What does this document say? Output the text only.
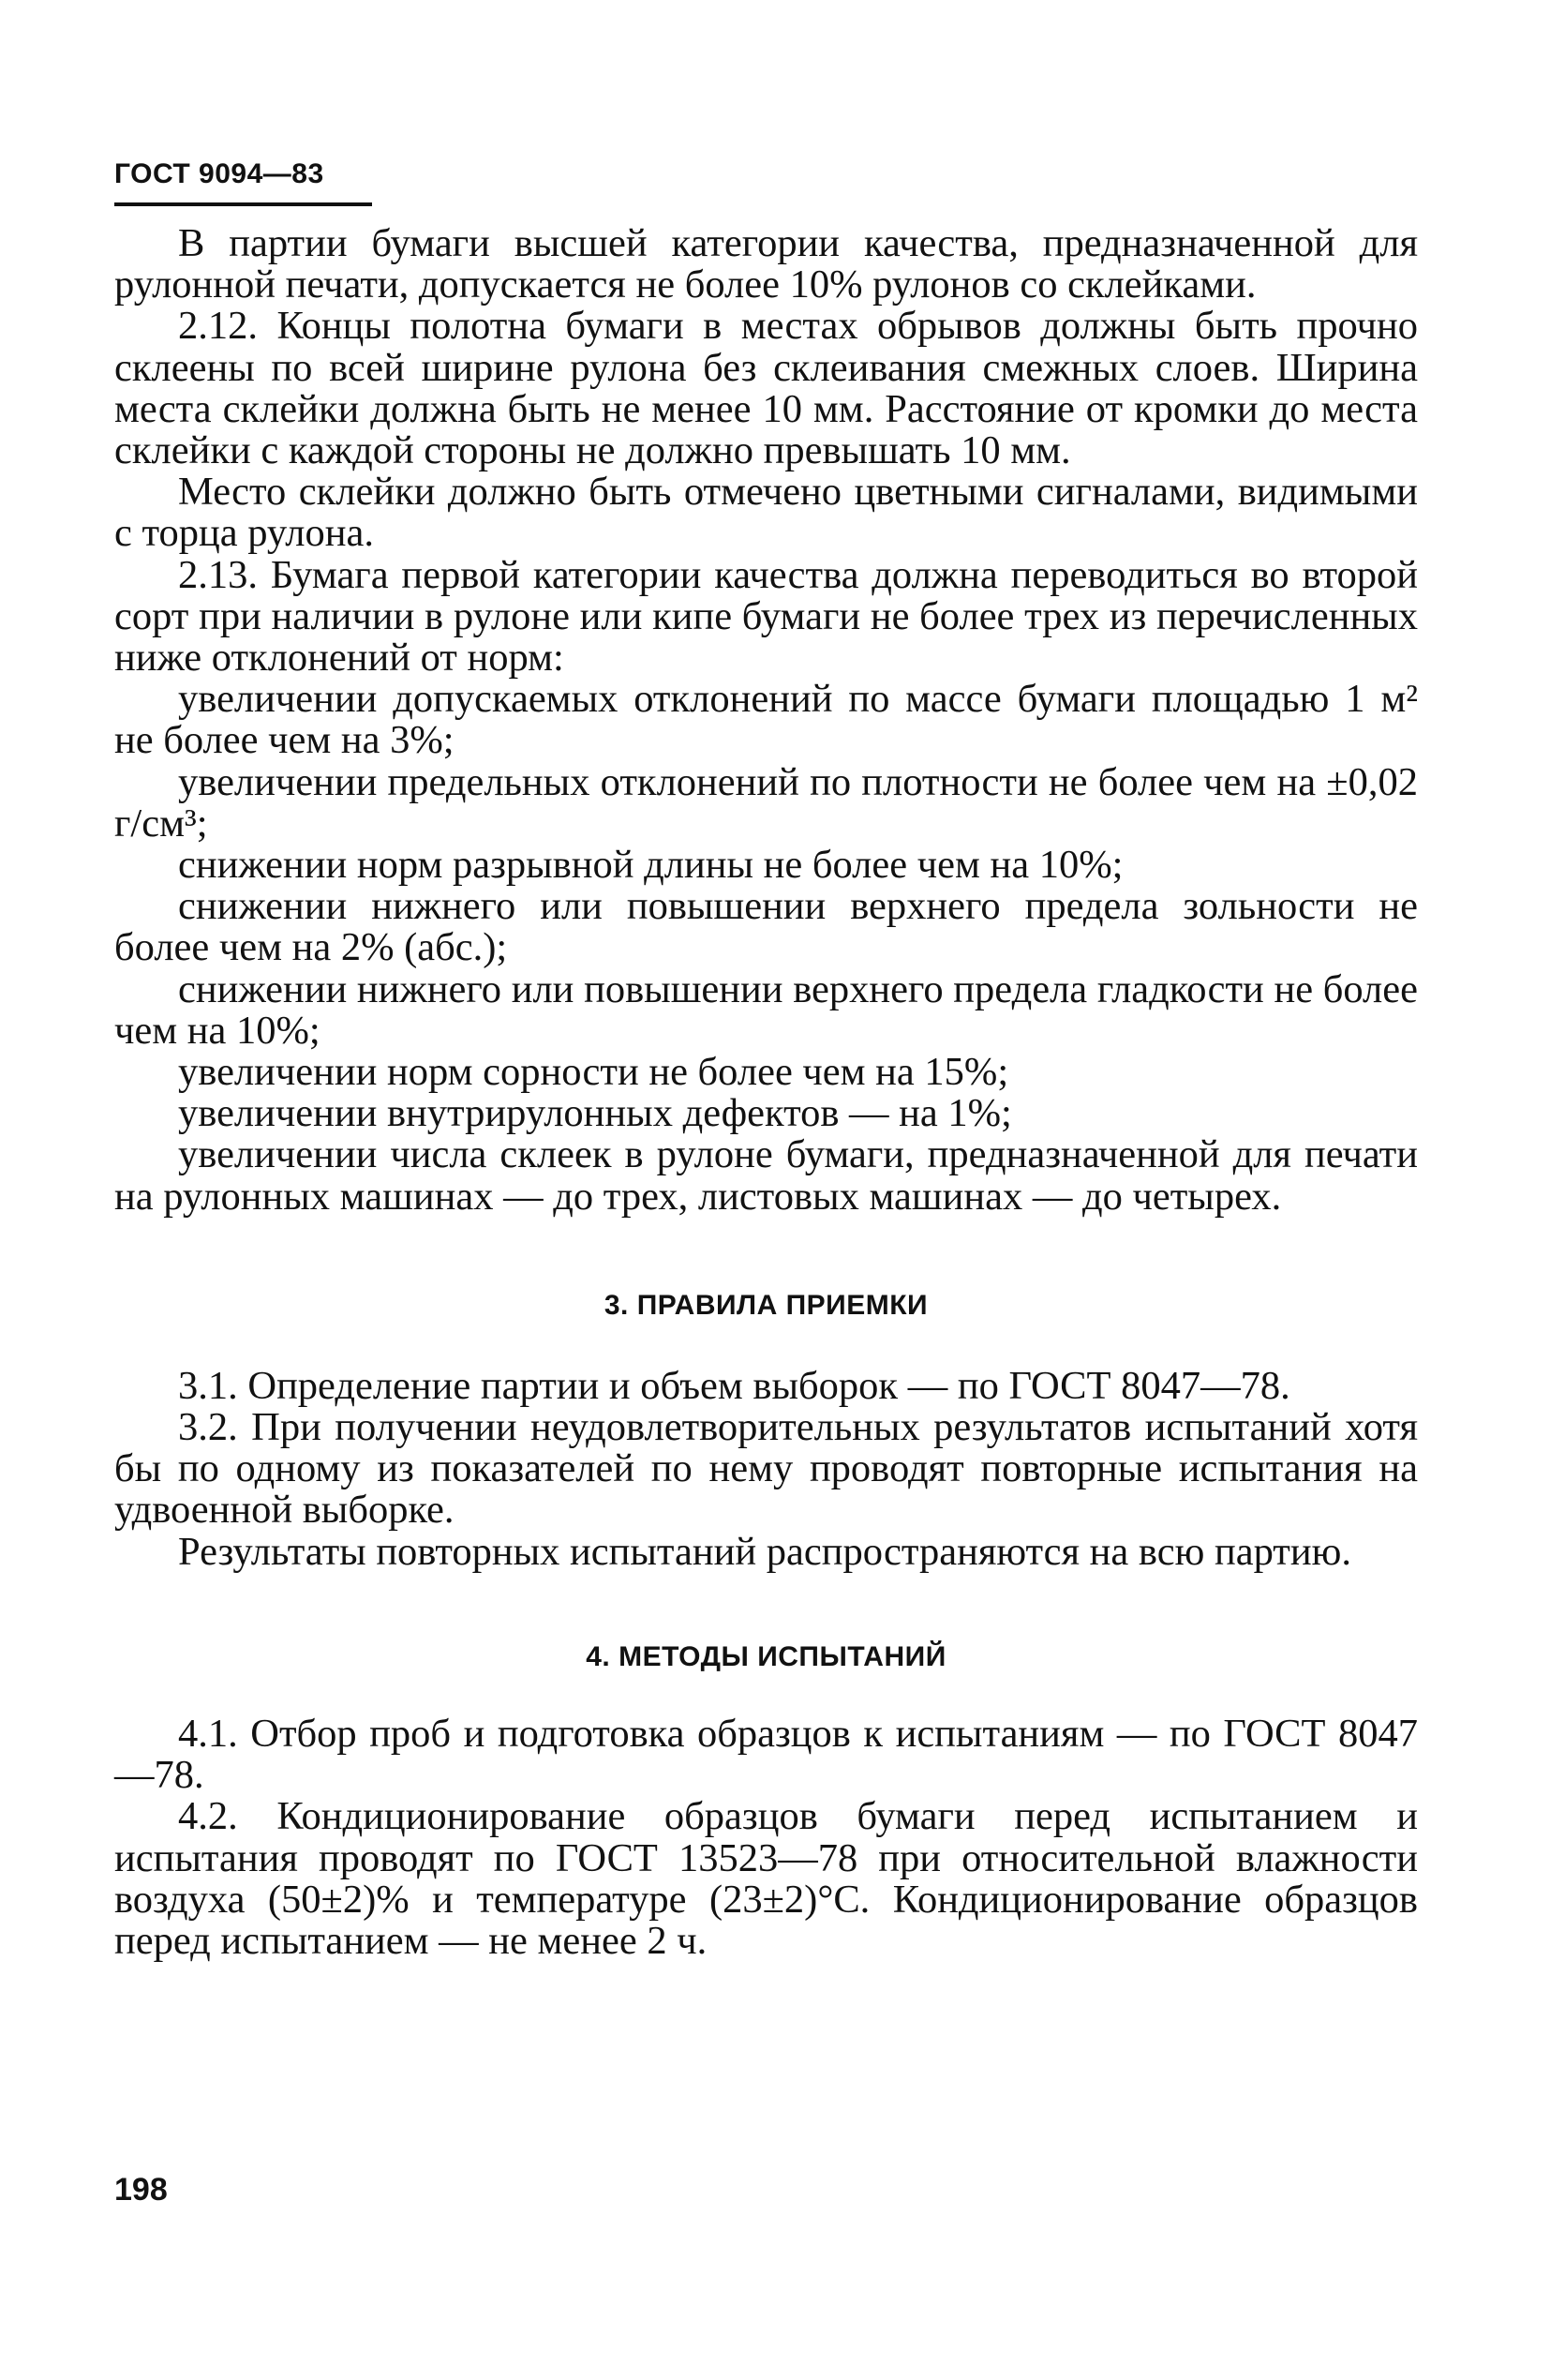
ГОСТ 9094—83

В партии бумаги высшей категории качества, предназначенной для рулонной печати, допускается не более 10% рулонов со склейками.

2.12. Концы полотна бумаги в местах обрывов должны быть прочно склеены по всей ширине рулона без склеивания смежных слоев. Ширина места склейки должна быть не менее 10 мм. Расстояние от кромки до места склейки с каждой стороны не должно превышать 10 мм.

Место склейки должно быть отмечено цветными сигналами, видимыми с торца рулона.

2.13. Бумага первой категории качества должна переводиться во второй сорт при наличии в рулоне или кипе бумаги не более трех из перечисленных ниже отклонений от норм:

увеличении допускаемых отклонений по массе бумаги площадью 1 м² не более чем на 3%;

увеличении предельных отклонений по плотности не более чем на ±0,02 г/см³;

снижении норм разрывной длины не более чем на 10%;

снижении нижнего или повышении верхнего предела зольности не более чем на 2% (абс.);

снижении нижнего или повышении верхнего предела гладкости не более чем на 10%;

увеличении норм сорности не более чем на 15%;

увеличении внутрирулонных дефектов — на 1%;

увеличении числа склеек в рулоне бумаги, предназначенной для печати на рулонных машинах — до трех, листовых машинах — до четырех.

3. ПРАВИЛА ПРИЕМКИ

3.1. Определение партии и объем выборок — по ГОСТ 8047—78.

3.2. При получении неудовлетворительных результатов испытаний хотя бы по одному из показателей по нему проводят повторные испытания на удвоенной выборке.

Результаты повторных испытаний распространяются на всю партию.

4. МЕТОДЫ ИСПЫТАНИЙ

4.1. Отбор проб и подготовка образцов к испытаниям — по ГОСТ 8047—78.

4.2. Кондиционирование образцов бумаги перед испытанием и испытания проводят по ГОСТ 13523—78 при относительной влажности воздуха (50±2)% и температуре (23±2)°С. Кондиционирование образцов перед испытанием — не менее 2 ч.

198
